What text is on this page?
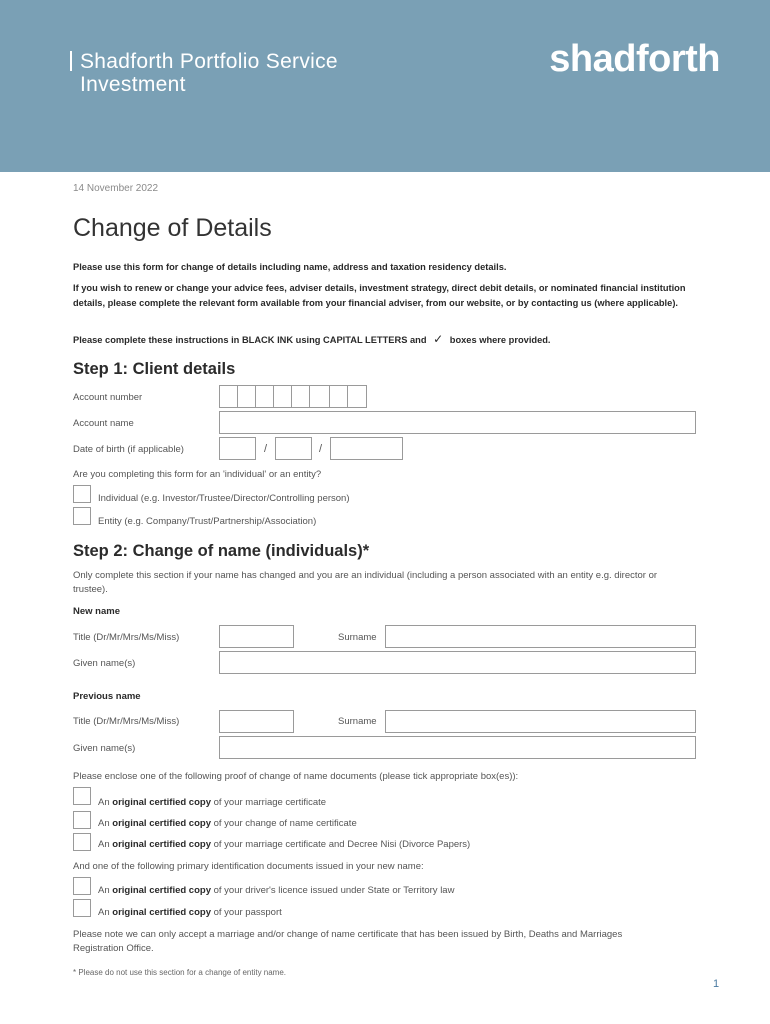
Shadforth Portfolio Service
Investment
shadforth
14 November 2022
Change of Details
Please use this form for change of details including name, address and taxation residency details.
If you wish to renew or change your advice fees, adviser details, investment strategy, direct debit details, or nominated financial institution details, please complete the relevant form available from your financial adviser, from our website, or by contacting us (where applicable).
Please complete these instructions in BLACK INK using CAPITAL LETTERS and ✓ boxes where provided.
Step 1: Client details
Account number
Account name
Date of birth (if applicable)	/	/
Are you completing this form for an 'individual' or an entity?
Individual (e.g. Investor/Trustee/Director/Controlling person)
Entity (e.g. Company/Trust/Partnership/Association)
Step 2: Change of name (individuals)*
Only complete this section if your name has changed and you are an individual (including a person associated with an entity e.g. director or trustee).
New name
Title (Dr/Mr/Mrs/Ms/Miss)	Surname
Given name(s)
Previous name
Title (Dr/Mr/Mrs/Ms/Miss)	Surname
Given name(s)
Please enclose one of the following proof of change of name documents (please tick appropriate box(es)):
An original certified copy of your marriage certificate
An original certified copy of your change of name certificate
An original certified copy of your marriage certificate and Decree Nisi (Divorce Papers)
And one of the following primary identification documents issued in your new name:
An original certified copy of your driver's licence issued under State or Territory law
An original certified copy of your passport
Please note we can only accept a marriage and/or change of name certificate that has been issued by Birth, Deaths and Marriages Registration Office.
* Please do not use this section for a change of entity name.
1
